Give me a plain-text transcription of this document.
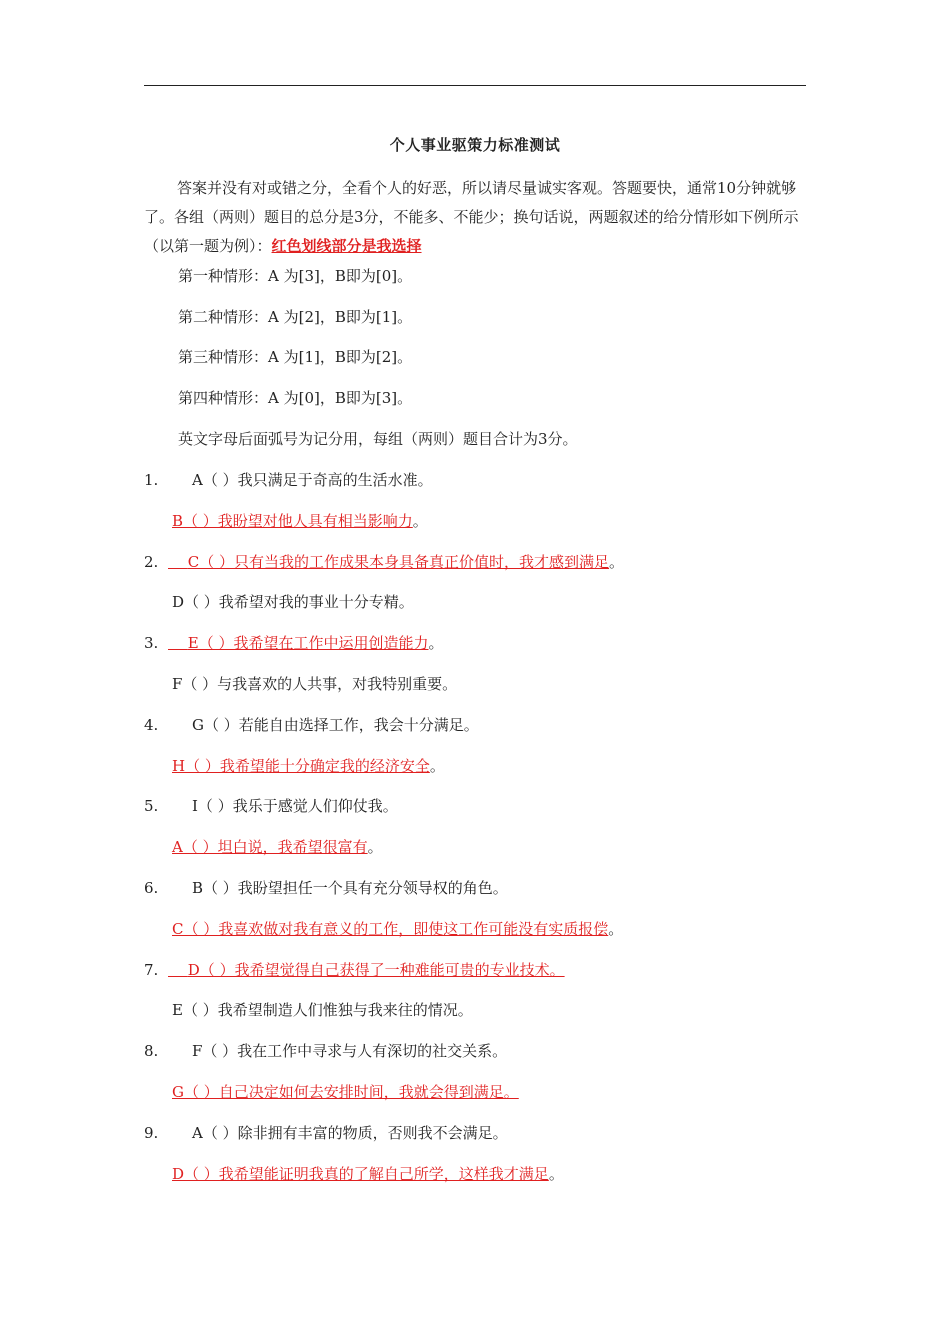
个人事业驱策力标准测试

答案并没有对或错之分，全看个人的好恶，所以请尽量诚实客观。答题要快，通常10分钟就够了。各组（两则）题目的总分是3分，不能多、不能少；换句话说，两题叙述的给分情形如下例所示（以第一题为例）：红色划线部分是我选择

第一种情形：A 为[3]，B即为[0]。
第二种情形：A 为[2]，B即为[1]。
第三种情形：A 为[1]，B即为[2]。
第四种情形：A 为[0]，B即为[3]。
英文字母后面弧号为记分用，每组（两则）题目合计为3分。
1. A（ ）我只满足于奇高的生活水准。
B（ ）我盼望对他人具有相当影响力。
2.
　	C（ ）只有当我的工作成果本身具备真正价值时，我才感到满足。
D（ ）我希望对我的事业十分专精。
3.
　	E（ ）我希望在工作中运用创造能力。
F（ ）与我喜欢的人共事，对我特别重要。
4. G（ ）若能自由选择工作，我会十分满足。
H（ ）我希望能十分确定我的经济安全。
5. I（ ）我乐于感觉人们仰仗我。
A（ ）坦白说，我希望很富有。
6. B（ ）我盼望担任一个具有充分领导权的角色。
C（ ）我喜欢做对我有意义的工作，即使这工作可能没有实质报偿。
7.
　	D（ ）我希望觉得自己获得了一种难能可贵的专业技术。
E（ ）我希望制造人们惟独与我来往的情况。
8. F（ ）我在工作中寻求与人有深切的社交关系。
G（ ）自己决定如何去安排时间，我就会得到满足。
9. A（ ）除非拥有丰富的物质，否则我不会满足。
D（ ）我希望能证明我真的了解自己所学，这样我才满足。
